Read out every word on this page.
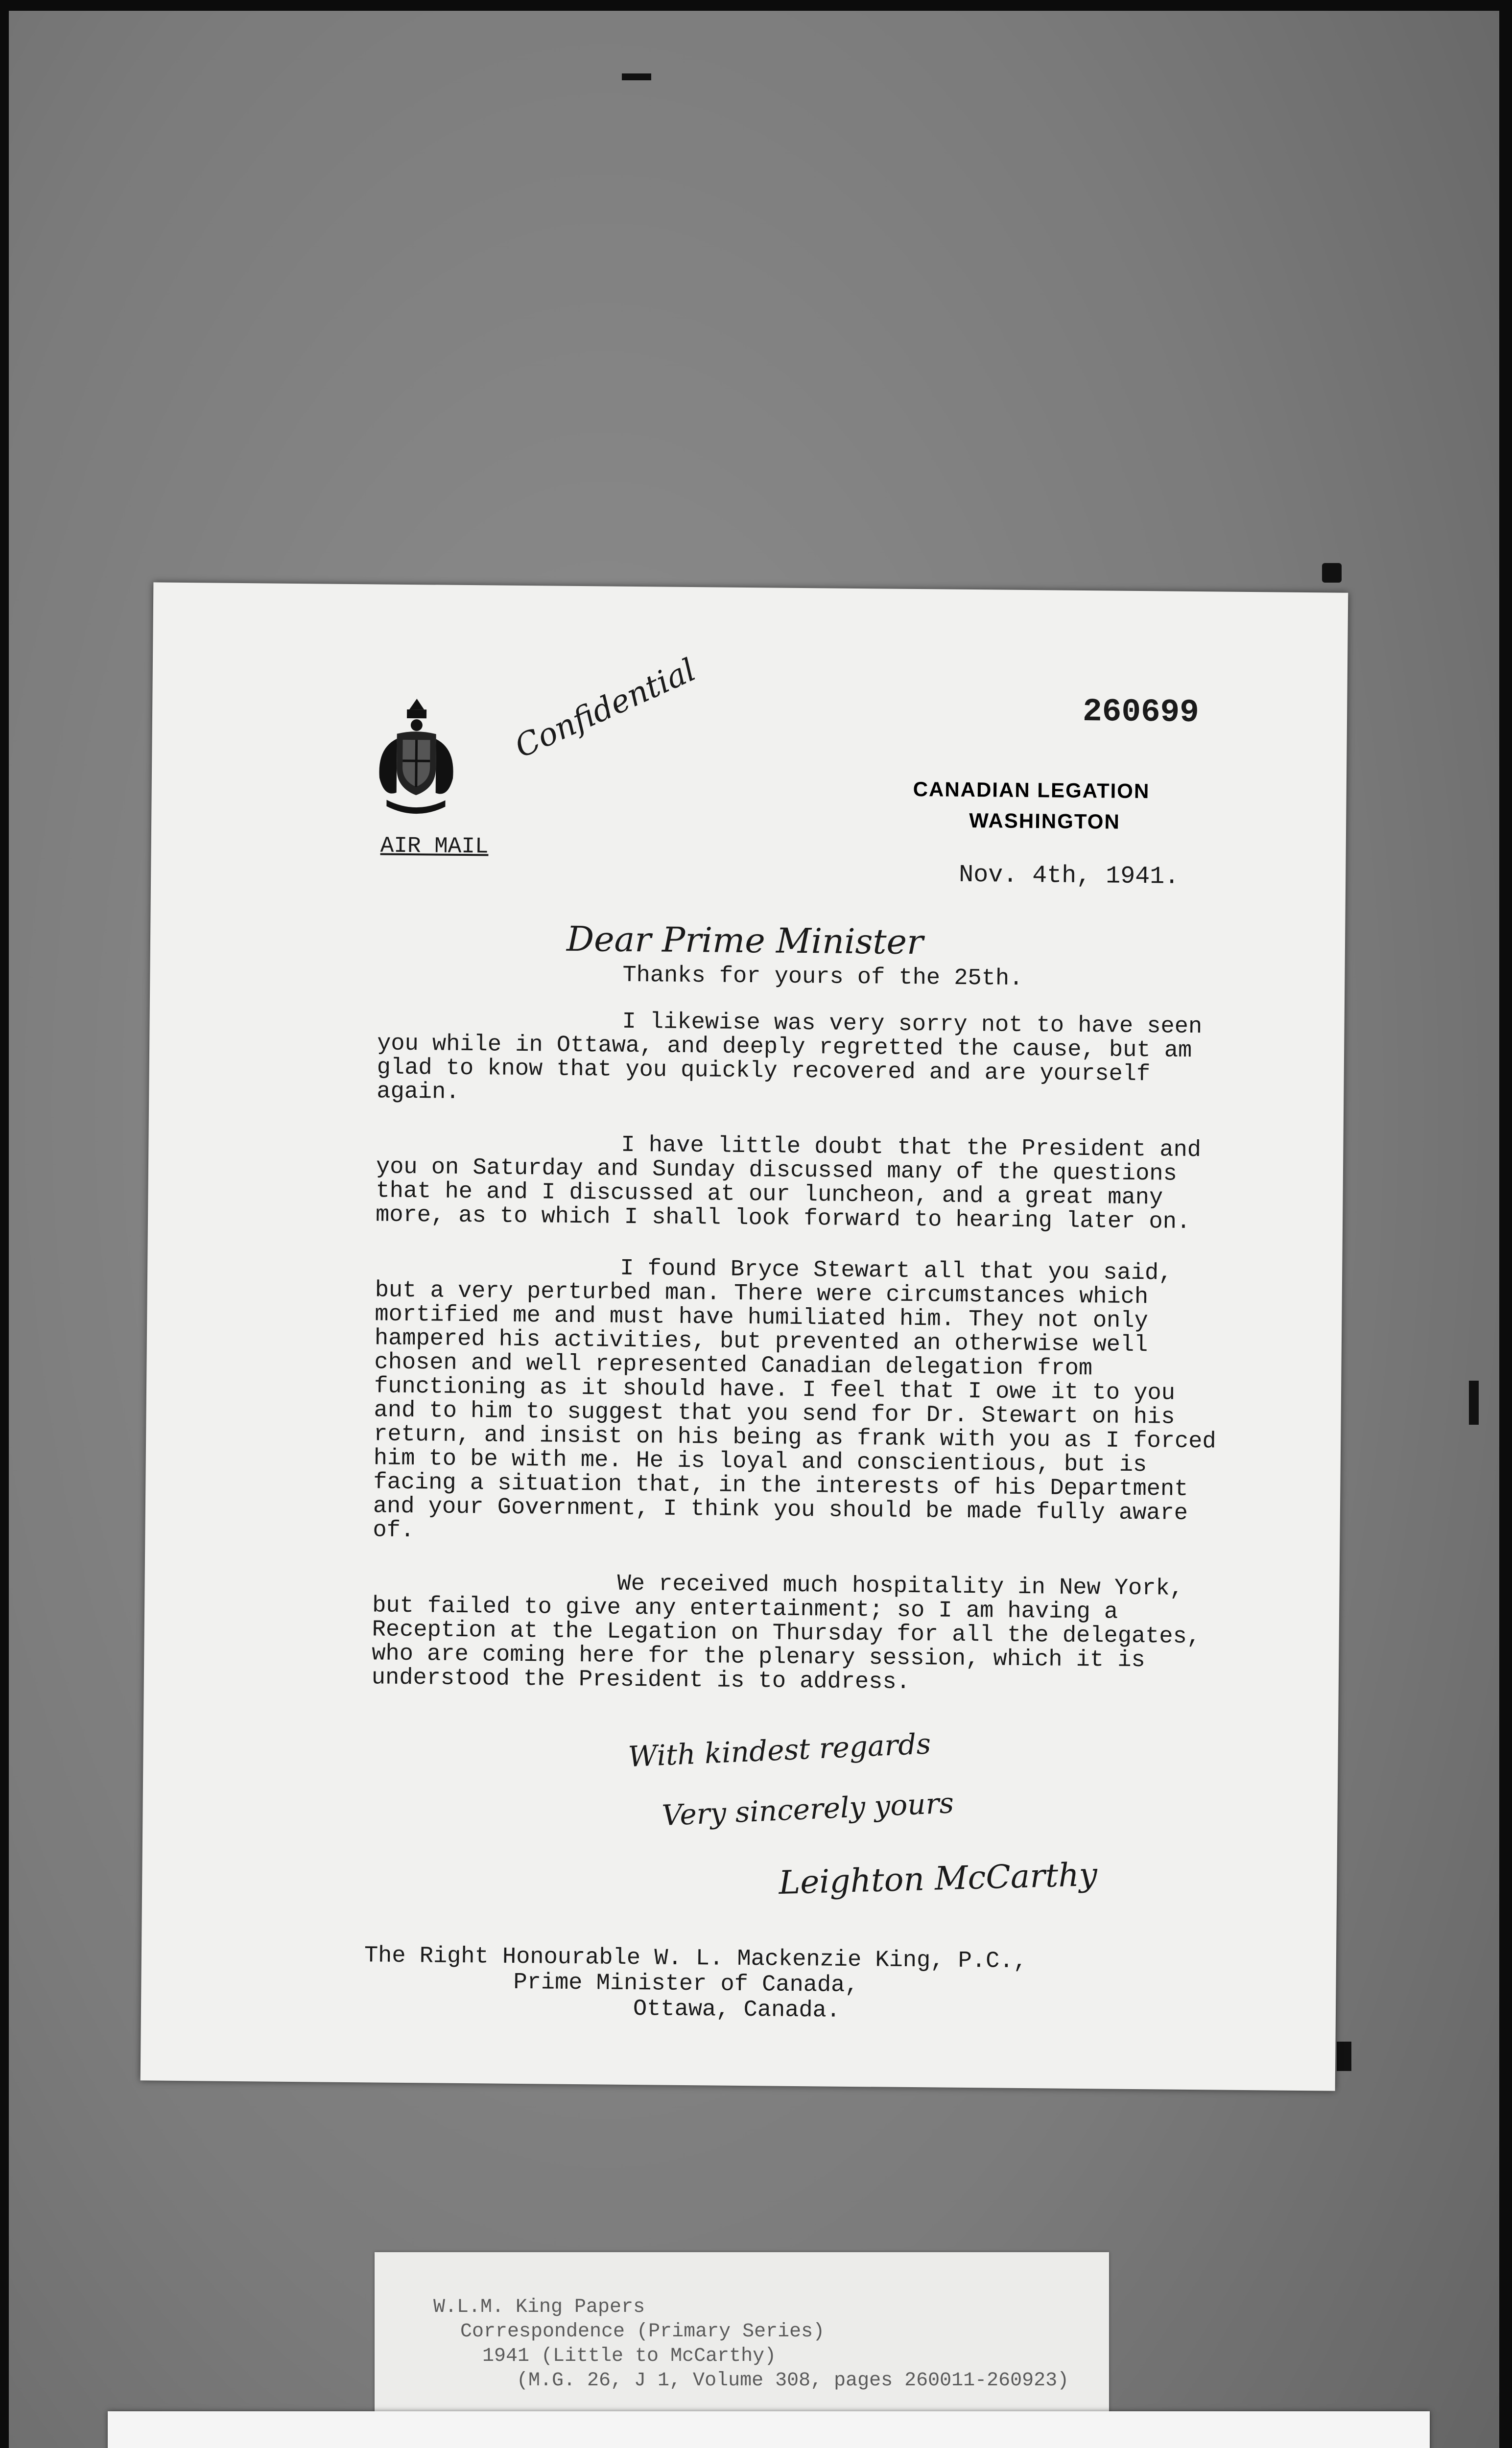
260699
Confidential
AIR MAIL
CANADIAN LEGATION
WASHINGTON
Nov. 4th, 1941.
Dear Prime Minister

Thanks for yours of the 25th.

I likewise was very sorry not to have seen you while in Ottawa, and deeply regretted the cause, but am glad to know that you quickly recovered and are yourself again.

I have little doubt that the President and you on Saturday and Sunday discussed many of the questions that he and I discussed at our luncheon, and a great many more, as to which I shall look forward to hearing later on.

I found Bryce Stewart all that you said, but a very perturbed man. There were circumstances which mortified me and must have humiliated him. They not only hampered his activities, but prevented an otherwise well chosen and well represented Canadian delegation from functioning as it should have. I feel that I owe it to you and to him to suggest that you send for Dr. Stewart on his return, and insist on his being as frank with you as I forced him to be with me. He is loyal and conscientious, but is facing a situation that, in the interests of his Department and your Government, I think you should be made fully aware of.

We received much hospitality in New York, but failed to give any entertainment; so I am having a Reception at the Legation on Thursday for all the delegates, who are coming here for the plenary session, which it is understood the President is to address.

With kindest regards
Very sincerely yours
Leighton McCarthy
The Right Honourable W. L. Mackenzie King, P.C.,
Prime Minister of Canada,
Ottawa, Canada.
W.L.M. King Papers
Correspondence (Primary Series)
1941 (Little to McCarthy)
(M.G. 26, J 1, Volume 308, pages 260011-260923)
